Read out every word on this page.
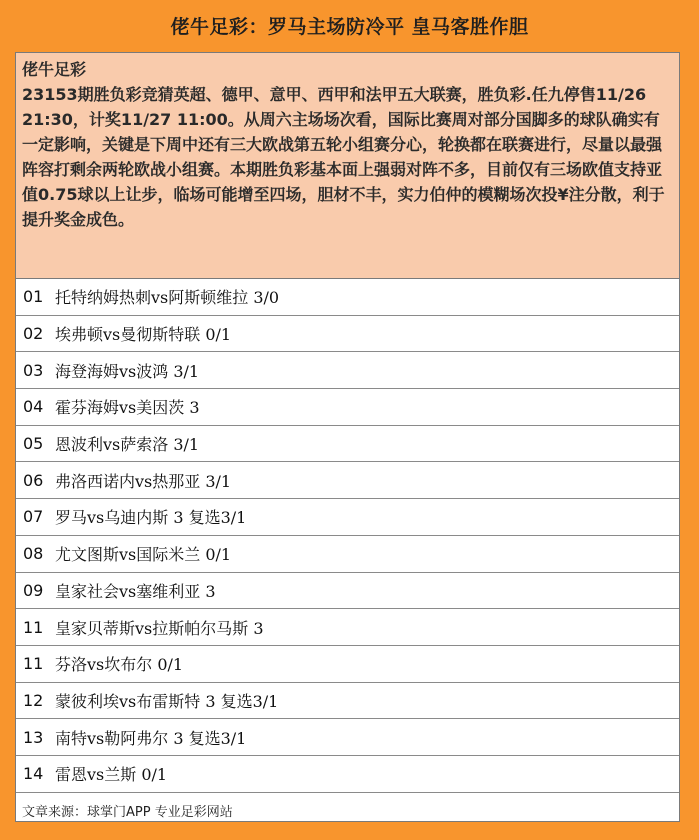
佬牛足彩：罗马主场防冷平 皇马客胜作胆
佬牛足彩
23153期胜负彩竞猜英超、德甲、意甲、西甲和法甲五大联赛，胜负彩.任九停售11/26 21:30，计奖11/27 11:00。从周六主场场次看，国际比赛周对部分国脚多的球队确实有一定影响，关键是下周中还有三大欧战第五轮小组赛分心，轮换都在联赛进行，尽量以最强阵容打剩余两轮欧战小组赛。本期胜负彩基本面上强弱对阵不多，目前仅有三场欧值支持亚值0.75球以上让步，临场可能增至四场，胆材不丰，实力伯仲的模糊场次投¥注分散，利于提升奖金成色。
01 托特纳姆热刺vs阿斯顿维拉 3/0
02 埃弗顿vs曼彻斯特联 0/1
03 海登海姆vs波鸿 3/1
04 霍芬海姆vs美因茨 3
05 恩波利vs萨索洛 3/1
06 弗洛西诺内vs热那亚 3/1
07 罗马vs乌迪内斯 3 复选3/1
08 尤文图斯vs国际米兰 0/1
09 皇家社会vs塞维利亚 3
11 皇家贝蒂斯vs拉斯帕尔马斯 3
11 芬洛vs坎布尔 0/1
12 蒙彼利埃vs布雷斯特 3 复选3/1
13 南特vs勒阿弗尔 3 复选3/1
14 雷恩vs兰斯 0/1
文章来源：球掌门APP 专业足彩网站
